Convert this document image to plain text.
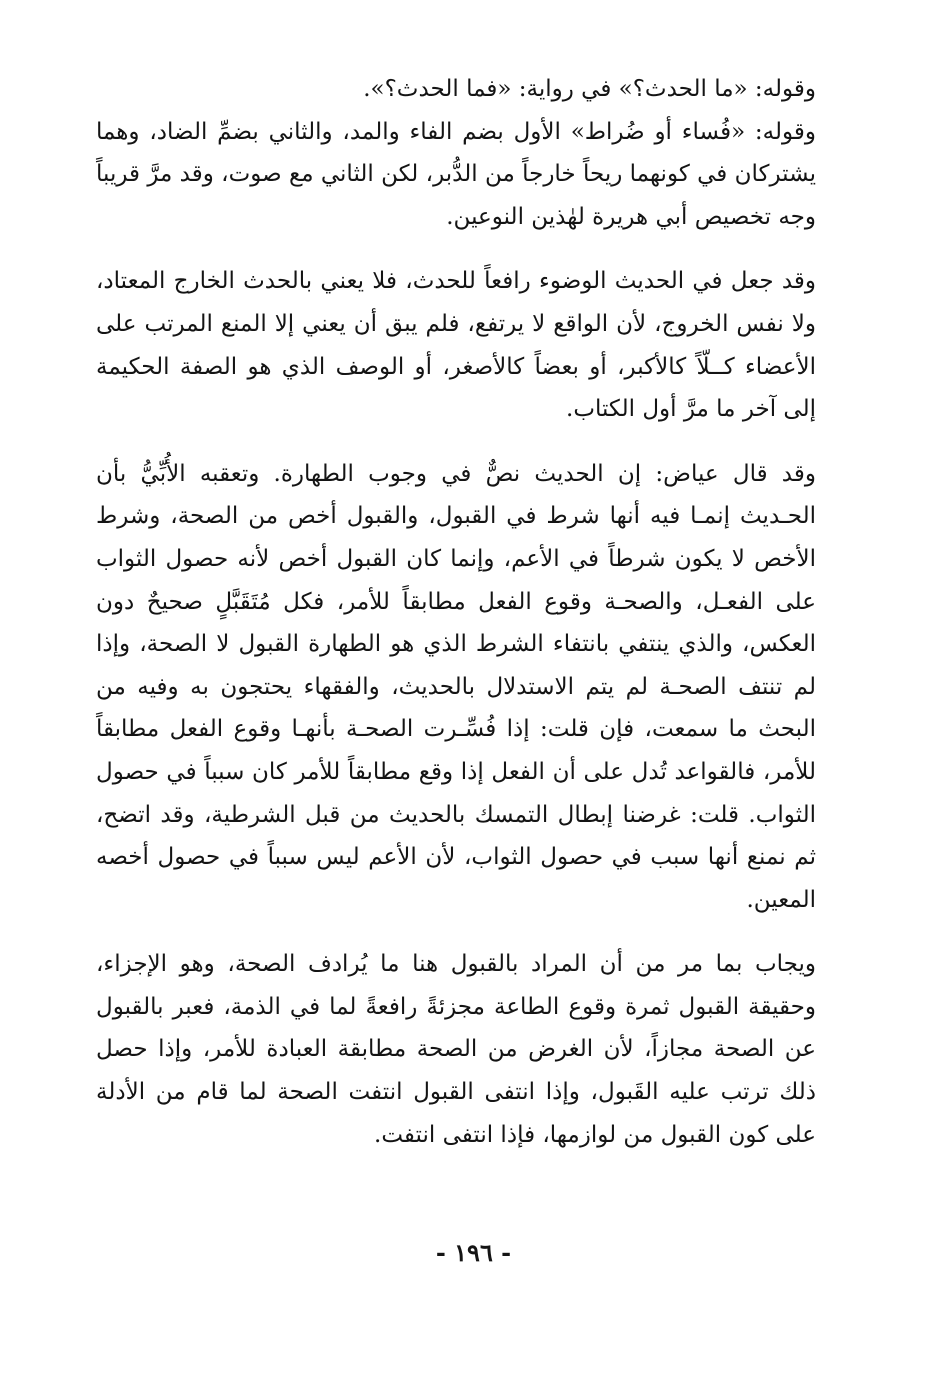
وقوله: «ما الحدث؟» في رواية: «فما الحدث؟».

وقوله: «فُساء أو ضُراط» الأول بضم الفاء والمد، والثاني بضمِّ الضاد، وهما يشتركان في كونهما ريحاً خارجاً من الدُّبر، لكن الثاني مع صوت، وقد مرَّ قريباً وجه تخصيص أبي هريرة لهٰذين النوعين.

وقد جعل في الحديث الوضوء رافعاً للحدث، فلا يعني بالحدث الخارج المعتاد، ولا نفس الخروج، لأن الواقع لا يرتفع، فلم يبق أن يعني إلا المنع المرتب على الأعضاء كــلّاً كالأكبر، أو بعضاً كالأصغر، أو الوصف الذي هو الصفة الحكيمة إلى آخر ما مرَّ أول الكتاب.

وقد قال عياض: إن الحديث نصٌّ في وجوب الطهارة. وتعقبه الأُبِّيُّ بأن الحـديث إنمـا فيه أنها شرط في القبول، والقبول أخص من الصحة، وشرط الأخص لا يكون شرطاً في الأعم، وإنما كان القبول أخص لأنه حصول الثواب على الفعـل، والصحـة وقوع الفعل مطابقاً للأمر، فكل مُتَقَبَّلٍ صحيحٌ دون العكس، والذي ينتفي بانتفاء الشرط الذي هو الطهارة القبول لا الصحة، وإذا لم تنتف الصحـة لم يتم الاستدلال بالحديث، والفقهاء يحتجون به وفيه من البحث ما سمعت، فإن قلت: إذا فُسِّـرت الصحـة بأنهـا وقوع الفعل مطابقاً للأمر، فالقواعد تُدل على أن الفعل إذا وقع مطابقاً للأمر كان سبباً في حصول الثواب. قلت: غرضنا إبطال التمسك بالحديث من قبل الشرطية، وقد اتضح، ثم نمنع أنها سبب في حصول الثواب، لأن الأعم ليس سبباً في حصول أخصه المعين.

ويجاب بما مر من أن المراد بالقبول هنا ما يُرادف الصحة، وهو الإجزاء، وحقيقة القبول ثمرة وقوع الطاعة مجزئةً رافعةً لما في الذمة، فعبر بالقبول عن الصحة مجازاً، لأن الغرض من الصحة مطابقة العبادة للأمر، وإذا حصل ذلك ترتب عليه القَبول، وإذا انتفى القبول انتفت الصحة لما قام من الأدلة على كون القبول من لوازمها، فإذا انتفى انتفت.

- ١٩٦ -
